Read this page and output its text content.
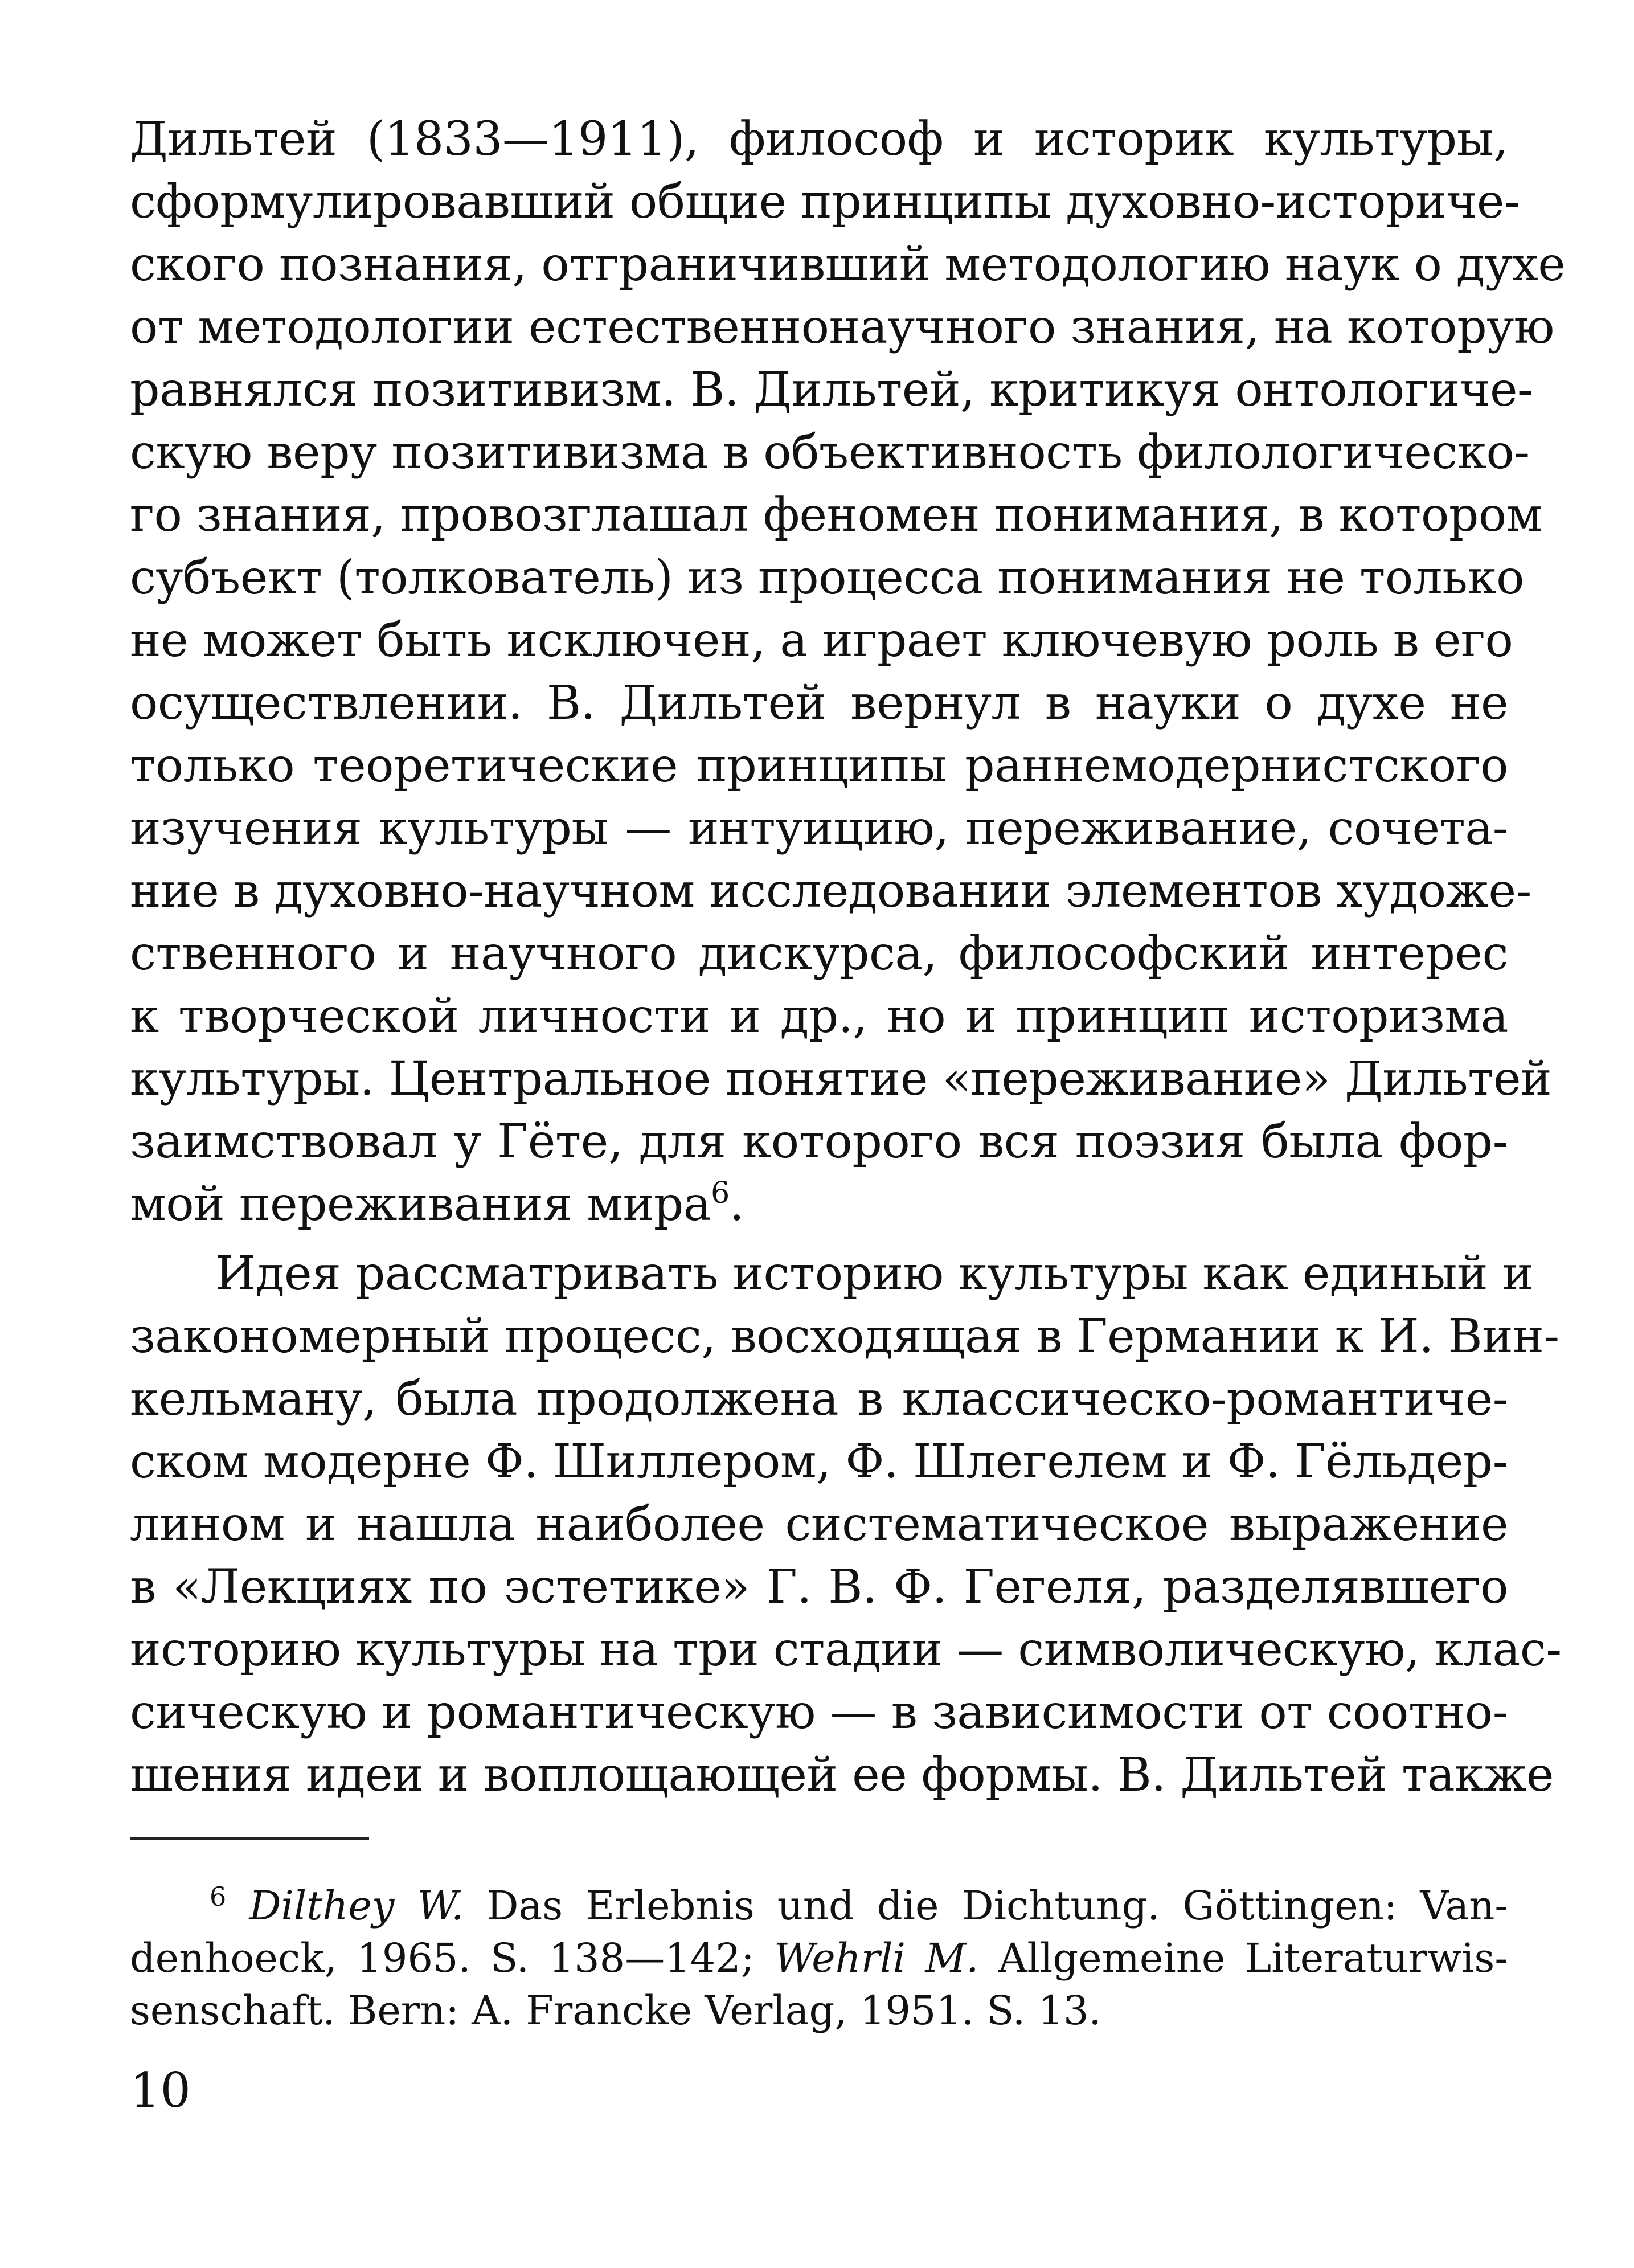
Дильтей (1833—1911), философ и историк культуры,
сформулировавший общие принципы духовно-историче-
ского познания, отграничивший методологию наук о духе
от методологии естественнонаучного знания, на которую
равнялся позитивизм. В. Дильтей, критикуя онтологиче-
скую веру позитивизма в объективность филологическо-
го знания, провозглашал феномен понимания, в котором
субъект (толкователь) из процесса понимания не только
не может быть исключен, а играет ключевую роль в его
осуществлении. В. Дильтей вернул в науки о духе не
только теоретические принципы раннемодернистского
изучения культуры — интуицию, переживание, сочета-
ние в духовно-научном исследовании элементов художе-
ственного и научного дискурса, философский интерес
к творческой личности и др., но и принцип историзма
культуры. Центральное понятие «переживание» Дильтей
заимствовал у Гёте, для которого вся поэзия была фор-
мой переживания мира$^6$.

Идея рассматривать историю культуры как единый и
закономерный процесс, восходящая в Германии к И. Вин-
кельману, была продолжена в классическо-романтиче-
ском модерне Ф. Шиллером, Ф. Шлегелем и Ф. Гёльдер-
лином и нашла наиболее систематическое выражение
в «Лекциях по эстетике» Г. В. Ф. Гегеля, разделявшего
историю культуры на три стадии — символическую, клас-
сическую и романтическую — в зависимости от соотно-
шения идеи и воплощающей ее формы. В. Дильтей также

$^6$ Dilthey W. Das Erlebnis und die Dichtung. Göttingen: Van-
denhoeck, 1965. S. 138—142; Wehrli M. Allgemeine Literaturwis-
senschaft. Bern: A. Francke Verlag, 1951. S. 13.

10
